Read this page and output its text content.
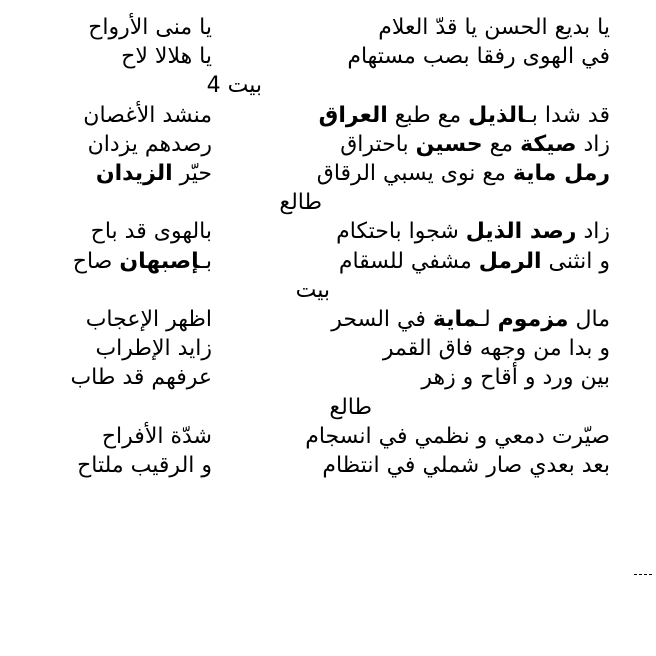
يا بديع الحسن يا قدّ العلام
يا منى الأرواح
في الهوى رفقا بصب مستهام
يا هلالا لاح
بيت 4
قد شدا بـالذيل مع طبع العراق
منشد الأغصان
زاد صيكة مع حسين باحتراق
رصدهم يزدان
رمل ماية مع نوى يسبي الرقاق
حيّر الزيدان
طالع
زاد رصد الذيل شجوا باحتكام
بالهوى قد باح
و انثنى الرمل مشفي للسقام
بـإصبهان صاح
بيت
مال مزموم لـماية في السحر
اظهر الإعجاب
و بدا من وجهه فاق القمر
زايد الإطراب
بين ورد و أقاح و زهر
عرفهم قد طاب
طالع
صيّرت دمعي و نظمي في انسجام
شدّة الأفراح
بعد بعدي صار شملي في انتظام
و الرقيب ملتاح
